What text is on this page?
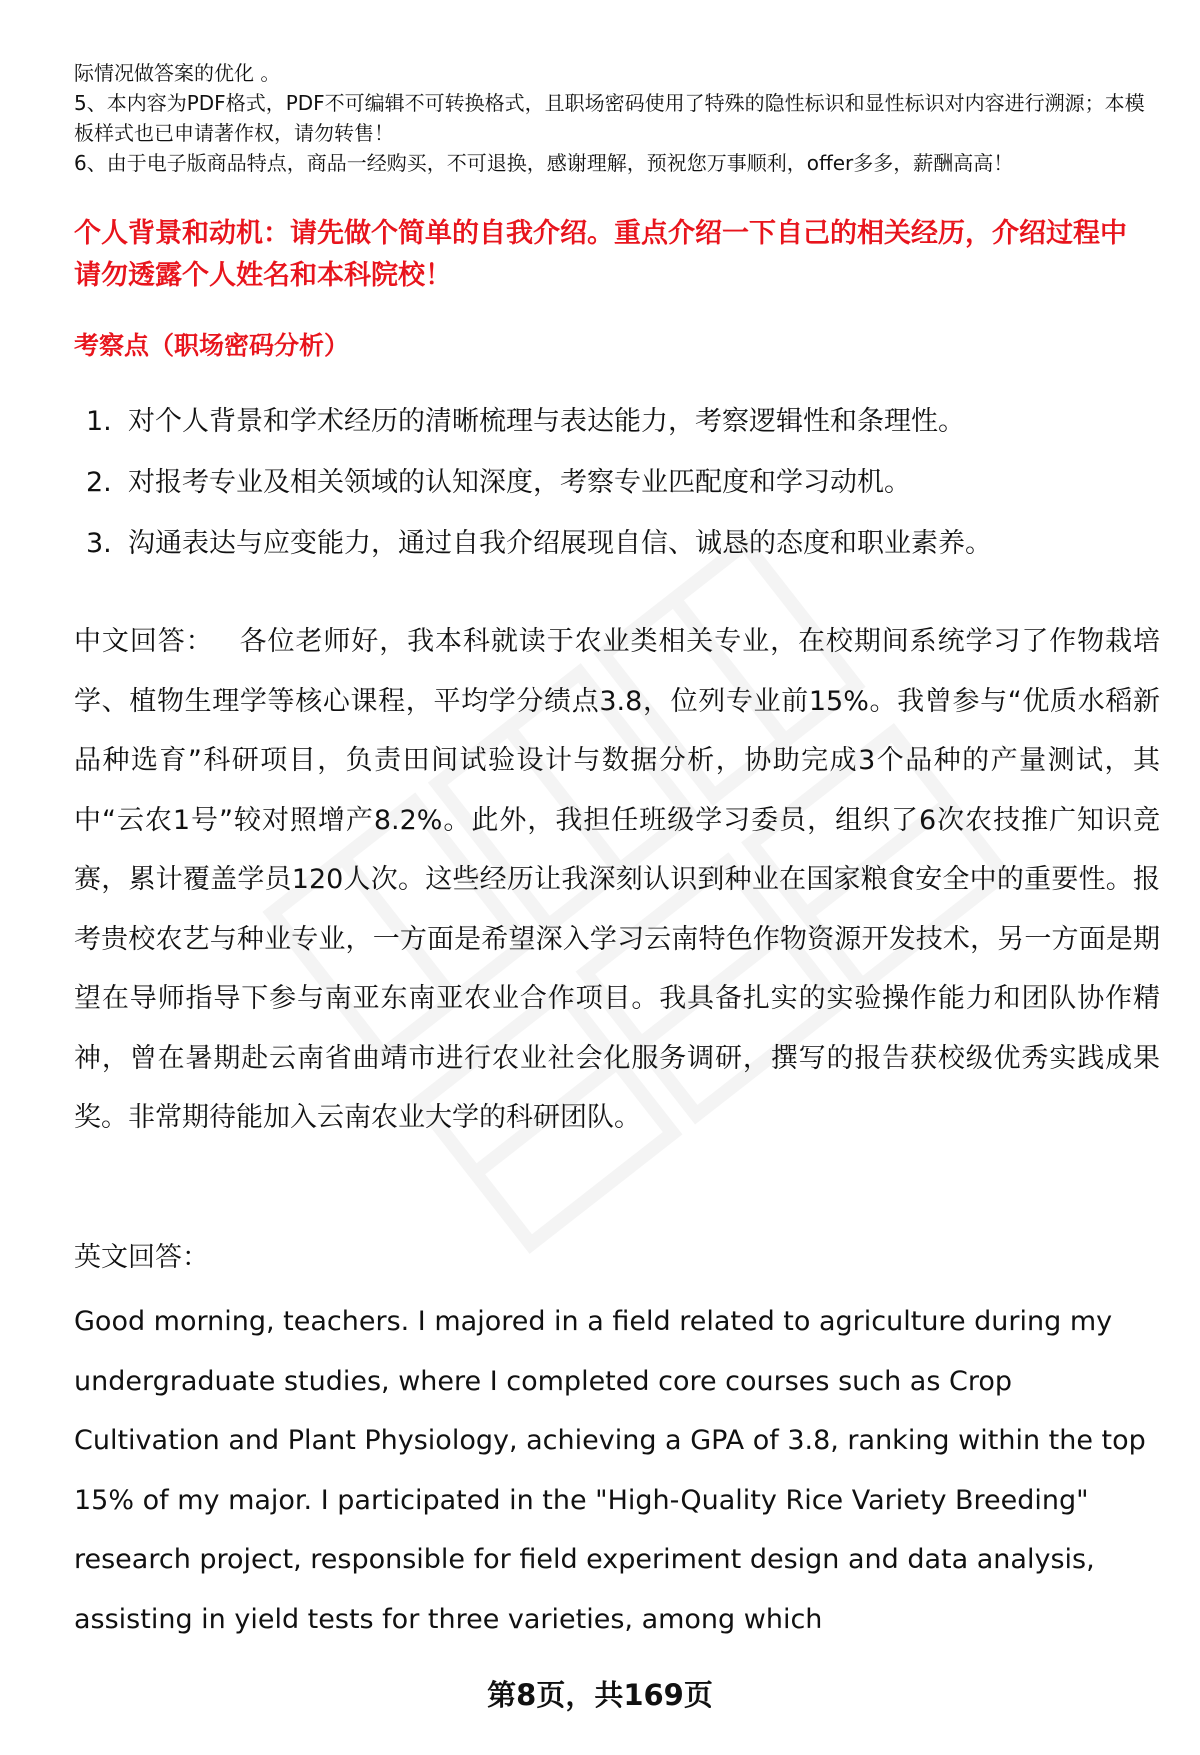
际情况做答案的优化 。

5、本内容为PDF格式，PDF不可编辑不可转换格式，且职场密码使用了特殊的隐性标识和显性标识对内容进行溯源；本模板样式也已申请著作权，请勿转售！

6、由于电子版商品特点，商品一经购买，不可退换，感谢理解，预祝您万事顺利，offer多多，薪酬高高！

个人背景和动机：请先做个简单的自我介绍。重点介绍一下自己的相关经历，介绍过程中请勿透露个人姓名和本科院校！
考察点（职场密码分析）
1. 对个人背景和学术经历的清晰梳理与表达能力，考察逻辑性和条理性。
2. 对报考专业及相关领域的认知深度，考察专业匹配度和学习动机。
3. 沟通表达与应变能力，通过自我介绍展现自信、诚恳的态度和职业素养。
中文回答： 各位老师好，我本科就读于农业类相关专业，在校期间系统学习了作物栽培学、植物生理学等核心课程，平均学分绩点3.8，位列专业前15%。我曾参与“优质水稻新品种选育”科研项目，负责田间试验设计与数据分析，协助完成3个品种的产量测试，其中“云农1号”较对照增产8.2%。此外，我担任班级学习委员，组织了6次农技推广知识竞赛，累计覆盖学员120人次。这些经历让我深刻认识到种业在国家粮食安全中的重要性。报考贵校农艺与种业专业，一方面是希望深入学习云南特色作物资源开发技术，另一方面是期望在导师指导下参与南亚东南亚农业合作项目。我具备扎实的实验操作能力和团队协作精神，曾在暑期赴云南省曲靖市进行农业社会化服务调研，撰写的报告获校级优秀实践成果奖。非常期待能加入云南农业大学的科研团队。
英文回答：
Good morning, teachers. I majored in a field related to agriculture during my undergraduate studies, where I completed core courses such as Crop Cultivation and Plant Physiology, achieving a GPA of 3.8, ranking within the top 15% of my major. I participated in the "High-Quality Rice Variety Breeding" research project, responsible for field experiment design and data analysis, assisting in yield tests for three varieties, among which
第8页，共169页
